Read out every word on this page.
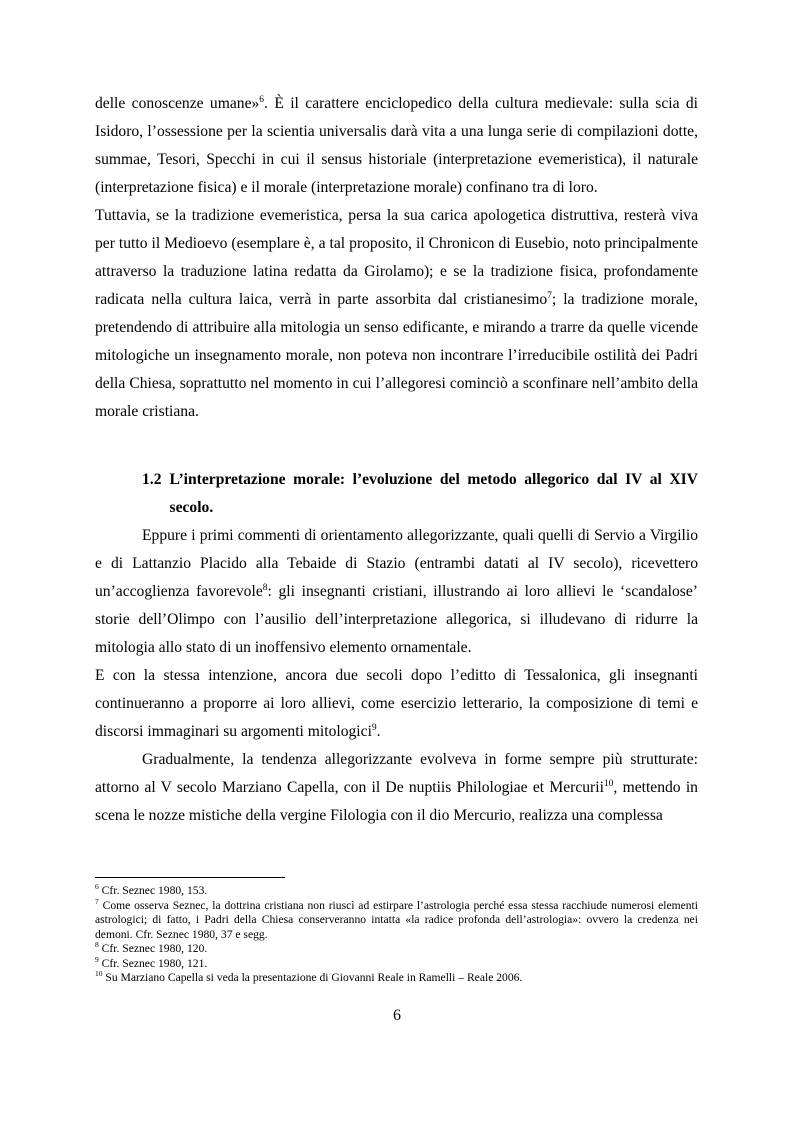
delle conoscenze umane»$^6$. È il carattere enciclopedico della cultura medievale: sulla scia di Isidoro, l’ossessione per la scientia universalis darà vita a una lunga serie di compilazioni dotte, summae, Tesori, Specchi in cui il sensus historiale (interpretazione evemeristica), il naturale (interpretazione fisica) e il morale (interpretazione morale) confinano tra di loro.

Tuttavia, se la tradizione evemeristica, persa la sua carica apologetica distruttiva, resterà viva per tutto il Medioevo (esemplare è, a tal proposito, il Chronicon di Eusebio, noto principalmente attraverso la traduzione latina redatta da Girolamo); e se la tradizione fisica, profondamente radicata nella cultura laica, verrà in parte assorbita dal cristianesimo$^7$; la tradizione morale, pretendendo di attribuire alla mitologia un senso edificante, e mirando a trarre da quelle vicende mitologiche un insegnamento morale, non poteva non incontrare l’irreducibile ostilità dei Padri della Chiesa, soprattutto nel momento in cui l’allegoresi cominciò a sconfinare nell’ambito della morale cristiana.

1.2 L’interpretazione morale: l’evoluzione del metodo allegorico dal IV al XIV secolo.

Eppure i primi commenti di orientamento allegorizzante, quali quelli di Servio a Virgilio e di Lattanzio Placido alla Tebaide di Stazio (entrambi datati al IV secolo), ricevettero un’accoglienza favorevole$^8$: gli insegnanti cristiani, illustrando ai loro allievi le ‘scandalose’ storie dell’Olimpo con l’ausilio dell’interpretazione allegorica, si illudevano di ridurre la mitologia allo stato di un inoffensivo elemento ornamentale.

E con la stessa intenzione, ancora due secoli dopo l’editto di Tessalonica, gli insegnanti continueranno a proporre ai loro allievi, come esercizio letterario, la composizione di temi e discorsi immaginari su argomenti mitologici$^9$.

Gradualmente, la tendenza allegorizzante evolveva in forme sempre più strutturate: attorno al V secolo Marziano Capella, con il De nuptiis Philologiae et Mercurii$^{10}$, mettendo in scena le nozze mistiche della vergine Filologia con il dio Mercurio, realizza una complessa

$^6$ Cfr. Seznec 1980, 153.

$^7$ Come osserva Seznec, la dottrina cristiana non riuscì ad estirpare l’astrologia perché essa stessa racchiude numerosi elementi astrologici; di fatto, i Padri della Chiesa conserveranno intatta «la radice profonda dell’astrologia»: ovvero la credenza nei demoni. Cfr. Seznec 1980, 37 e segg.

$^8$ Cfr. Seznec 1980, 120.

$^9$ Cfr. Seznec 1980, 121.

$^{10}$ Su Marziano Capella si veda la presentazione di Giovanni Reale in Ramelli – Reale 2006.

6
